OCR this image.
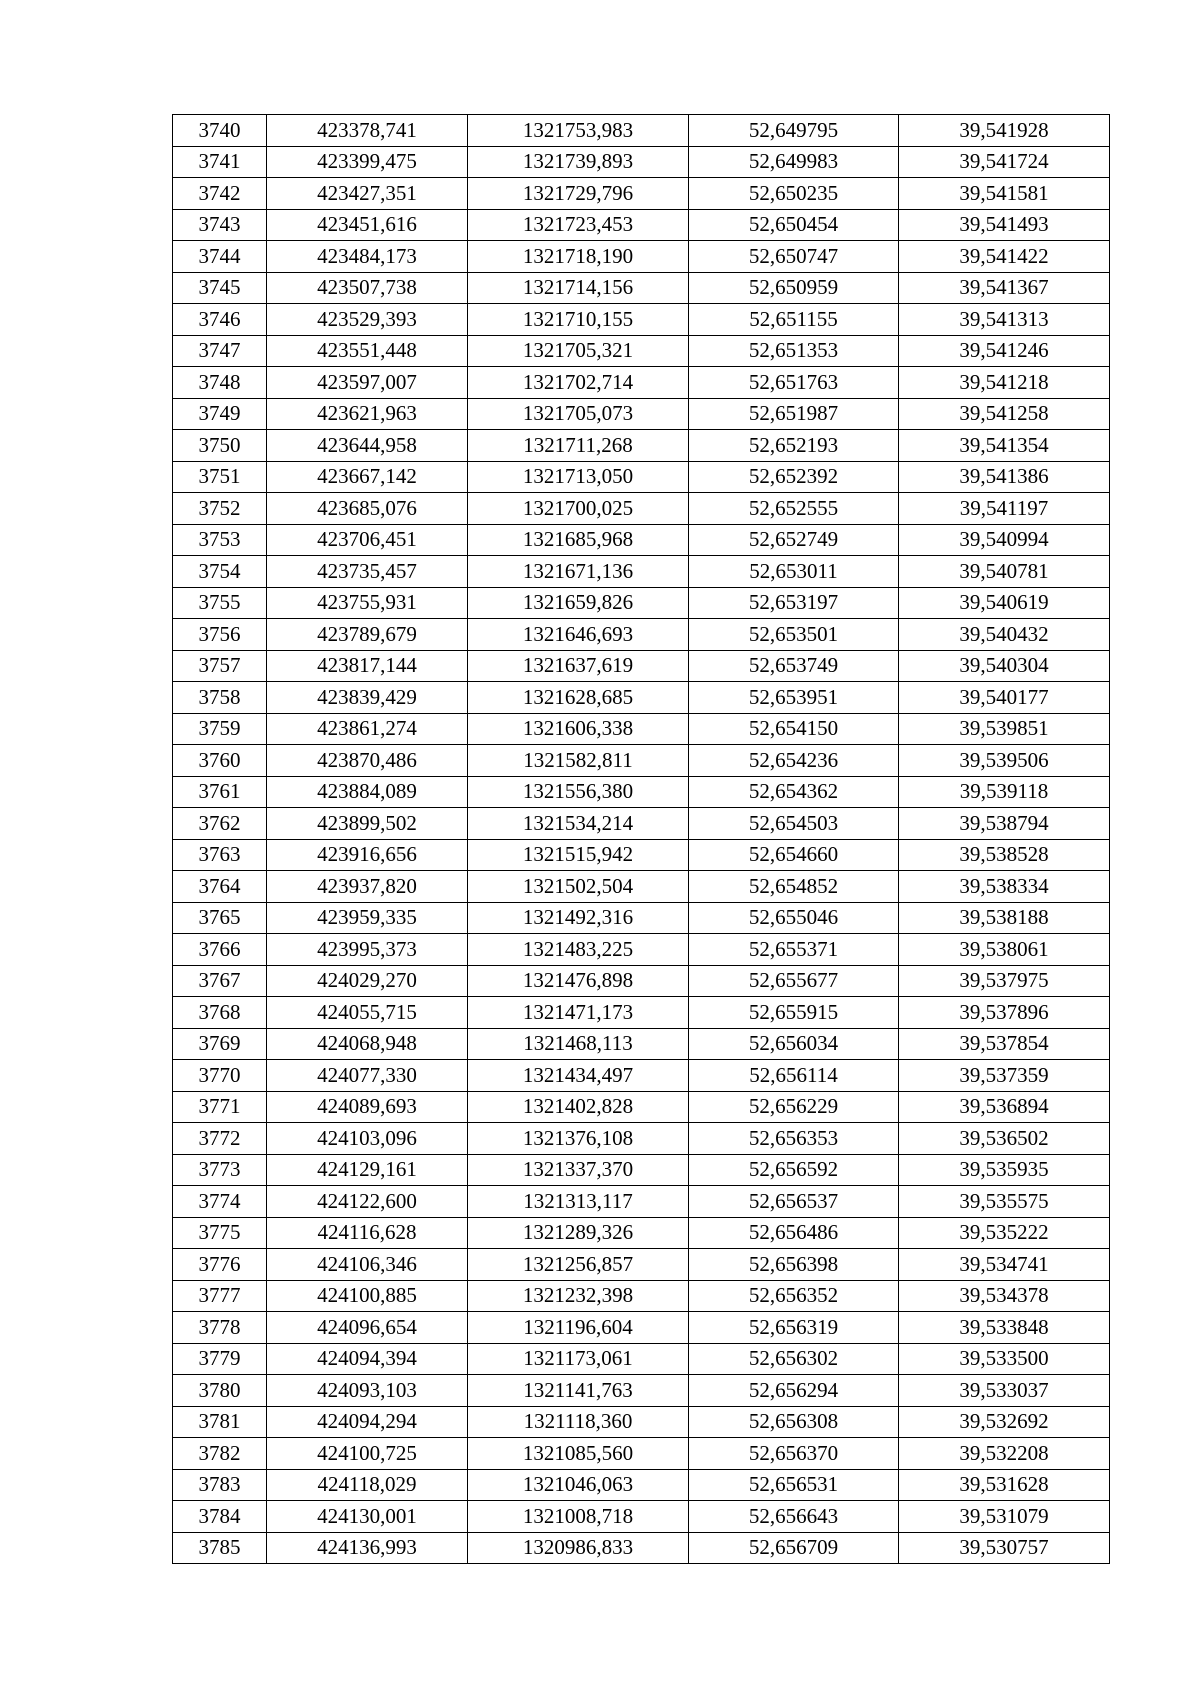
3740	423378,741	1321753,983	52,649795	39,541928
3741	423399,475	1321739,893	52,649983	39,541724
3742	423427,351	1321729,796	52,650235	39,541581
3743	423451,616	1321723,453	52,650454	39,541493
3744	423484,173	1321718,190	52,650747	39,541422
3745	423507,738	1321714,156	52,650959	39,541367
3746	423529,393	1321710,155	52,651155	39,541313
3747	423551,448	1321705,321	52,651353	39,541246
3748	423597,007	1321702,714	52,651763	39,541218
3749	423621,963	1321705,073	52,651987	39,541258
3750	423644,958	1321711,268	52,652193	39,541354
3751	423667,142	1321713,050	52,652392	39,541386
3752	423685,076	1321700,025	52,652555	39,541197
3753	423706,451	1321685,968	52,652749	39,540994
3754	423735,457	1321671,136	52,653011	39,540781
3755	423755,931	1321659,826	52,653197	39,540619
3756	423789,679	1321646,693	52,653501	39,540432
3757	423817,144	1321637,619	52,653749	39,540304
3758	423839,429	1321628,685	52,653951	39,540177
3759	423861,274	1321606,338	52,654150	39,539851
3760	423870,486	1321582,811	52,654236	39,539506
3761	423884,089	1321556,380	52,654362	39,539118
3762	423899,502	1321534,214	52,654503	39,538794
3763	423916,656	1321515,942	52,654660	39,538528
3764	423937,820	1321502,504	52,654852	39,538334
3765	423959,335	1321492,316	52,655046	39,538188
3766	423995,373	1321483,225	52,655371	39,538061
3767	424029,270	1321476,898	52,655677	39,537975
3768	424055,715	1321471,173	52,655915	39,537896
3769	424068,948	1321468,113	52,656034	39,537854
3770	424077,330	1321434,497	52,656114	39,537359
3771	424089,693	1321402,828	52,656229	39,536894
3772	424103,096	1321376,108	52,656353	39,536502
3773	424129,161	1321337,370	52,656592	39,535935
3774	424122,600	1321313,117	52,656537	39,535575
3775	424116,628	1321289,326	52,656486	39,535222
3776	424106,346	1321256,857	52,656398	39,534741
3777	424100,885	1321232,398	52,656352	39,534378
3778	424096,654	1321196,604	52,656319	39,533848
3779	424094,394	1321173,061	52,656302	39,533500
3780	424093,103	1321141,763	52,656294	39,533037
3781	424094,294	1321118,360	52,656308	39,532692
3782	424100,725	1321085,560	52,656370	39,532208
3783	424118,029	1321046,063	52,656531	39,531628
3784	424130,001	1321008,718	52,656643	39,531079
3785	424136,993	1320986,833	52,656709	39,530757
